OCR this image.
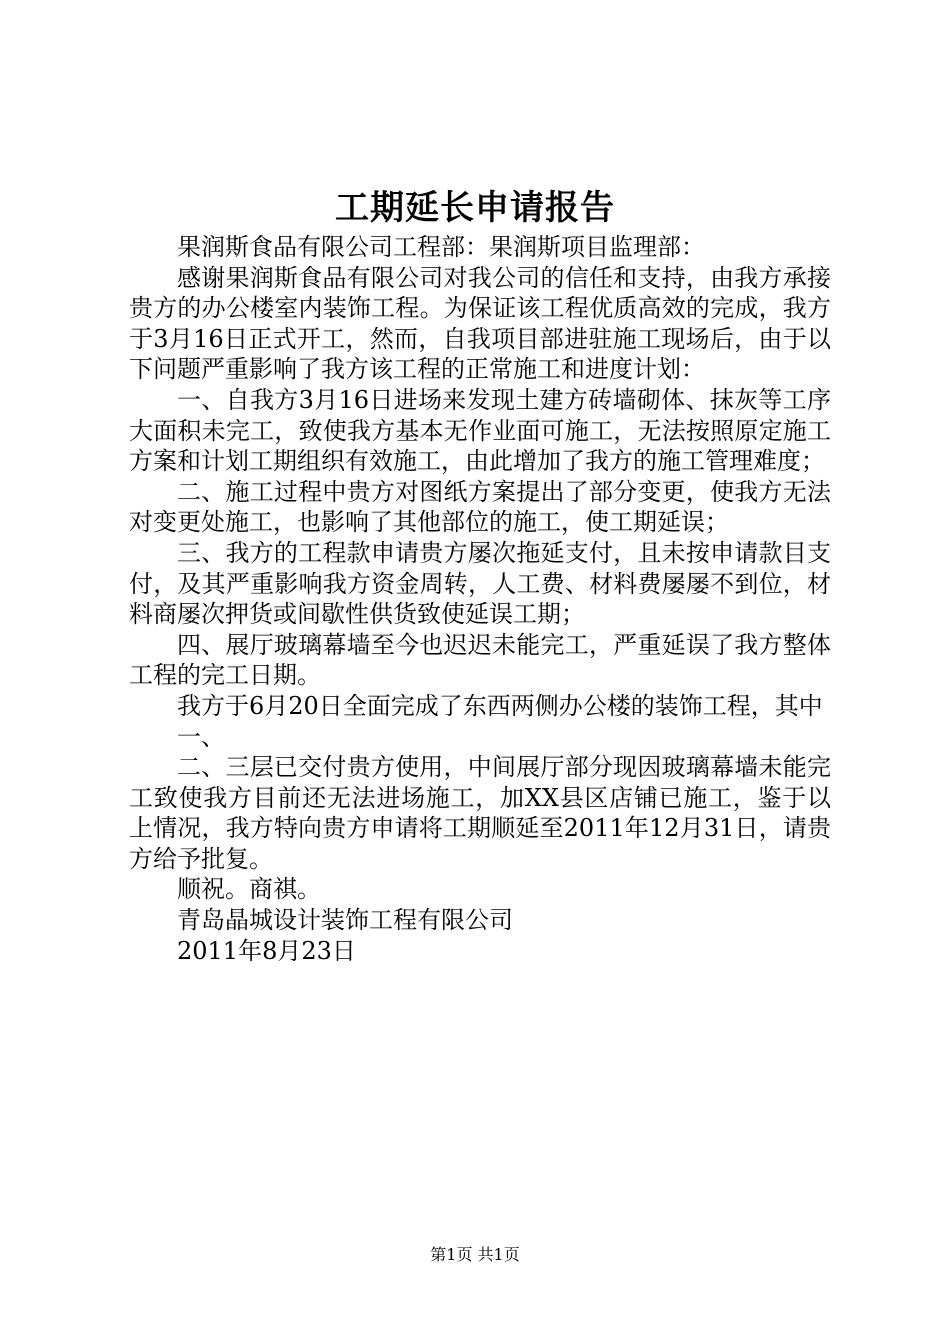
工期延长申请报告

果润斯食品有限公司工程部：果润斯项目监理部：

感谢果润斯食品有限公司对我公司的信任和支持，由我方承接贵方的办公楼室内装饰工程。为保证该工程优质高效的完成，我方于3月16日正式开工，然而，自我项目部进驻施工现场后，由于以下问题严重影响了我方该工程的正常施工和进度计划：

一、自我方3月16日进场来发现土建方砖墙砌体、抹灰等工序大面积未完工，致使我方基本无作业面可施工，无法按照原定施工方案和计划工期组织有效施工，由此增加了我方的施工管理难度；

二、施工过程中贵方对图纸方案提出了部分变更，使我方无法对变更处施工，也影响了其他部位的施工，使工期延误；

三、我方的工程款申请贵方屡次拖延支付，且未按申请款目支付，及其严重影响我方资金周转，人工费、材料费屡屡不到位，材料商屡次押货或间歇性供货致使延误工期；

四、展厅玻璃幕墙至今也迟迟未能完工，严重延误了我方整体工程的完工日期。

我方于6月20日全面完成了东西两侧办公楼的装饰工程，其中

一、

二、三层已交付贵方使用，中间展厅部分现因玻璃幕墙未能完工致使我方目前还无法进场施工，加XX县区店铺已施工，鉴于以上情况，我方特向贵方申请将工期顺延至2011年12月31日，请贵方给予批复。

顺祝。商祺。

青岛晶城设计装饰工程有限公司

2011年8月23日

第1页 共1页
